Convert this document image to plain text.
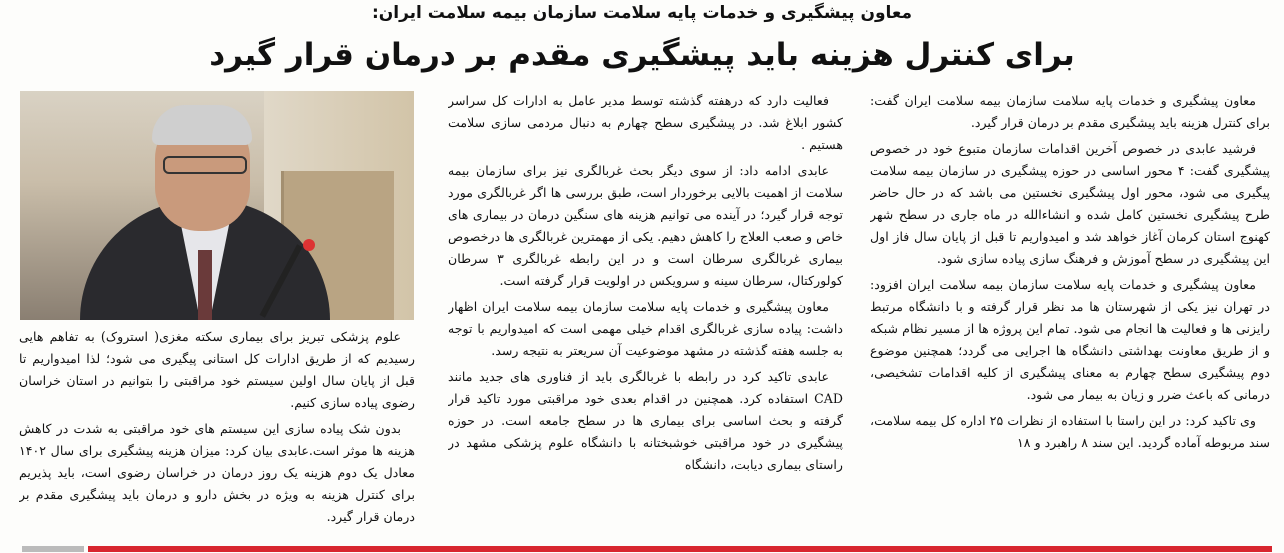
معاون پیشگیری و خدمات پایه سلامت سازمان بیمه سلامت ایران:
برای کنترل هزینه باید پیشگیری مقدم بر درمان قرار گیرد

معاون پیشگیری و خدمات پایه سلامت سازمان بیمه سلامت ایران گفت: برای کنترل هزینه باید پیشگیری مقدم بر درمان قرار گیرد.

فرشید عابدی در خصوص آخرین اقدامات سازمان متبوع خود در خصوص پیشگیری گفت: ۴ محور اساسی در حوزه پیشگیری در سازمان بیمه سلامت پیگیری می شود، محور اول پیشگیری نخستین می باشد که در حال حاضر طرح پیشگیری نخستین کامل شده و انشاءالله در ماه جاری در سطح شهر کهنوج استان کرمان آغاز خواهد شد و امیدواریم تا قبل از پایان سال فاز اول این پیشگیری در سطح آموزش و فرهنگ سازی پیاده سازی شود.

معاون پیشگیری و خدمات پایه سلامت سازمان بیمه سلامت ایران افزود: در تهران نیز یکی از شهرستان ها مد نظر قرار گرفته و با دانشگاه مرتبط رایزنی ها و فعالیت ها انجام می شود. تمام این پروژه ها از مسیر نظام شبکه و از طریق معاونت بهداشتی دانشگاه ها اجرایی می گردد؛ همچنین موضوع دوم پیشگیری سطح چهارم به معنای پیشگیری از کلیه اقدامات تشخیصی، درمانی که باعث ضرر و زیان به بیمار می شود.

وی تاکید کرد: در این راستا با استفاده از نظرات ۲۵ اداره کل بیمه سلامت، سند مربوطه آماده گردید. این سند ۸ راهبرد و ۱۸

فعالیت دارد که درهفته گذشته توسط مدیر عامل به ادارات کل سراسر کشور ابلاغ شد. در پیشگیری سطح چهارم به دنبال مردمی سازی سلامت هستیم .

عابدی ادامه داد: از سوی دیگر بحث غربالگری نیز برای سازمان بیمه سلامت از اهمیت بالایی برخوردار است، طبق بررسی ها اگر غربالگری مورد توجه قرار گیرد؛ در آینده می توانیم هزینه های سنگین درمان در بیماری های خاص و صعب العلاج را کاهش دهیم. یکی از مهمترین غربالگری ها درخصوص بیماری غربالگری سرطان است و در این رابطه غربالگری ۳ سرطان کولورکتال، سرطان سینه و سرویکس در اولویت قرار گرفته است.

معاون پیشگیری و خدمات پایه سلامت سازمان بیمه سلامت ایران اظهار داشت: پیاده سازی غربالگری اقدام خیلی مهمی است که امیدواریم با توجه به جلسه هفته گذشته در مشهد موضوعیت آن سریعتر به نتیجه رسد.

عابدی تاکید کرد در رابطه با غربالگری باید از فناوری های جدید مانند CAD استفاده کرد. همچنین در اقدام بعدی خود مراقبتی مورد تاکید قرار گرفته و بحث اساسی برای بیماری ها در سطح جامعه است. در حوزه پیشگیری در خود مراقبتی خوشبختانه با دانشگاه علوم پزشکی مشهد در راستای بیماری دیابت، دانشگاه

علوم پزشکی تبریز برای بیماری سکته مغزی( استروک) به تفاهم هایی رسیدیم که از طریق ادارات کل استانی پیگیری می شود؛ لذا امیدواریم تا قبل از پایان سال اولین سیستم خود مراقبتی را بتوانیم در استان خراسان رضوی پیاده سازی کنیم.

بدون شک پیاده سازی این سیستم های خود مراقبتی به شدت در کاهش هزینه ها موثر است.عابدی بیان کرد: میزان هزینه پیشگیری برای سال ۱۴۰۲ معادل یک دوم هزینه یک روز درمان در خراسان رضوی است، باید پذیریم برای کنترل هزینه به ویژه در بخش دارو و درمان باید پیشگیری مقدم بر درمان قرار گیرد.
